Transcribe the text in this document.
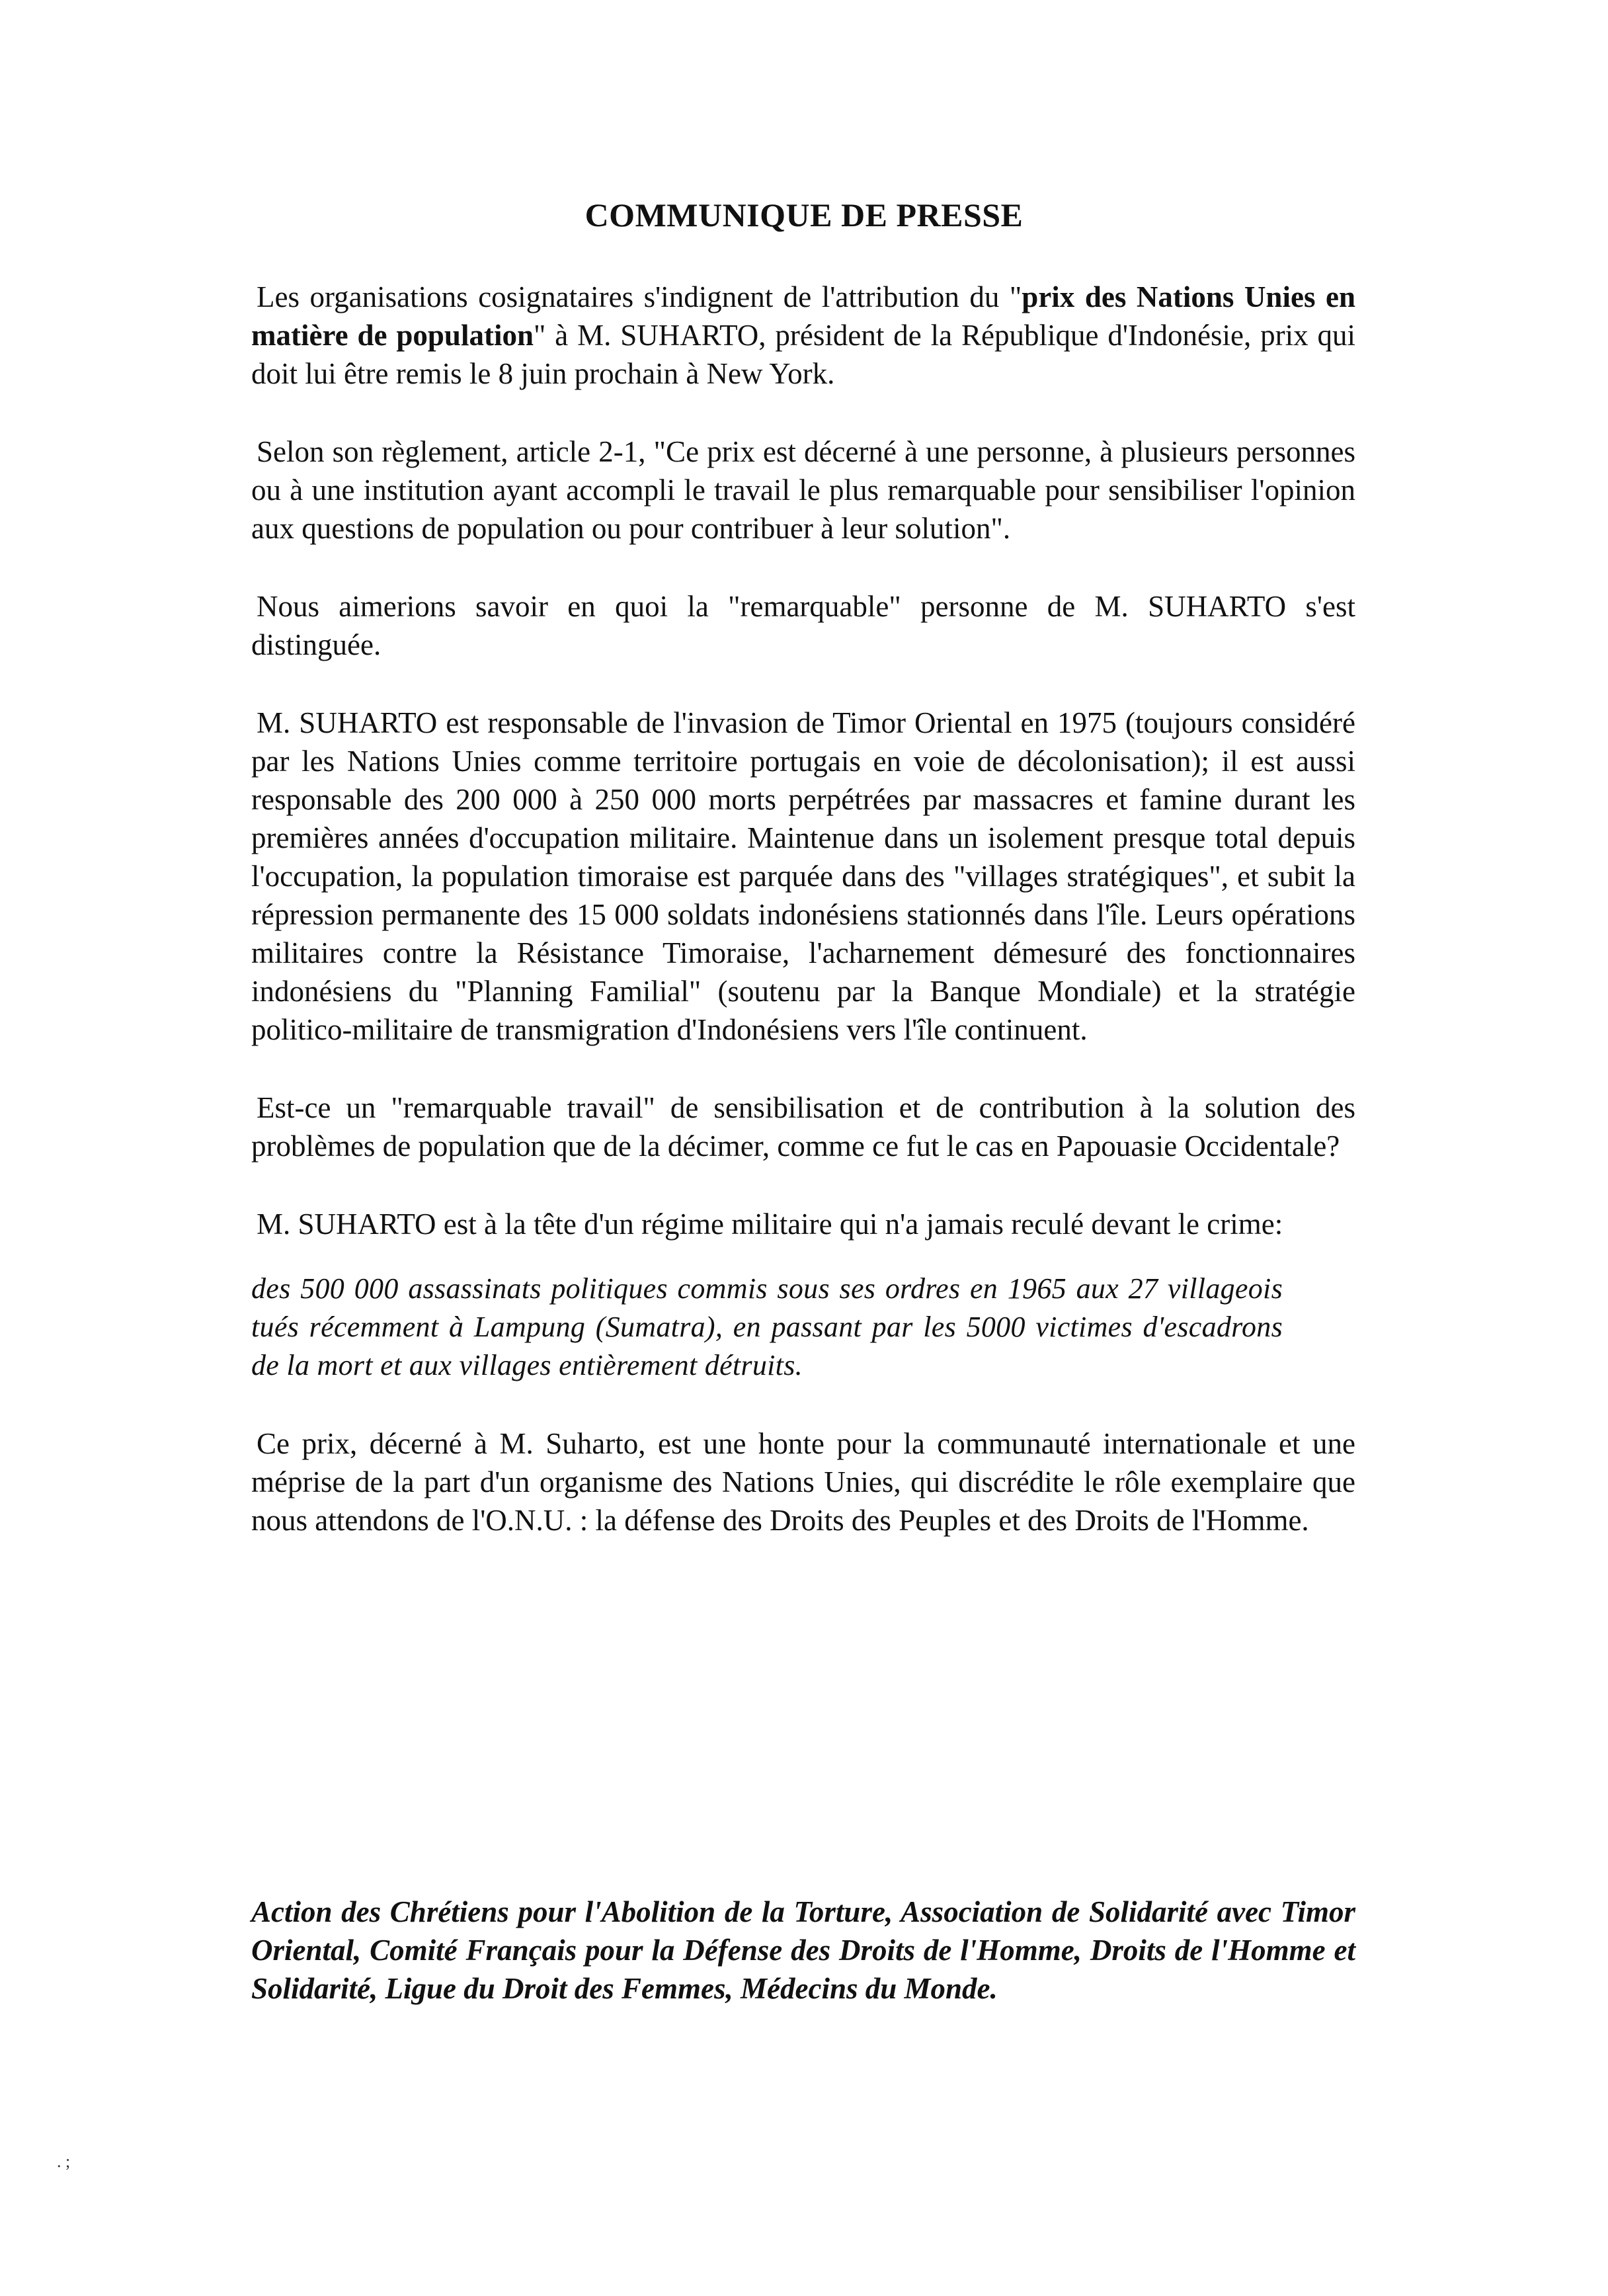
COMMUNIQUE DE PRESSE

Les organisations cosignataires s'indignent de l'attribution du "prix des Nations Unies en matière de population" à M. SUHARTO, président de la République d'Indonésie, prix qui doit lui être remis le 8 juin prochain à New York.

Selon son règlement, article 2-1, "Ce prix est décerné à une personne, à plusieurs personnes ou à une institution ayant accompli le travail le plus remarquable pour sensibiliser l'opinion aux questions de population ou pour contribuer à leur solution".

Nous aimerions savoir en quoi la "remarquable" personne de M. SUHARTO s'est distinguée.

M. SUHARTO est responsable de l'invasion de Timor Oriental en 1975 (toujours considéré par les Nations Unies comme territoire portugais en voie de décolonisation); il est aussi responsable des 200 000 à 250 000 morts perpétrées par massacres et famine durant les premières années d'occupation militaire. Maintenue dans un isolement presque total depuis l'occupation, la population timoraise est parquée dans des "villages stratégiques", et subit la répression permanente des 15 000 soldats indonésiens stationnés dans l'île. Leurs opérations militaires contre la Résistance Timoraise, l'acharnement démesuré des fonctionnaires indonésiens du "Planning Familial" (soutenu par la Banque Mondiale) et la stratégie politico-militaire de transmigration d'Indonésiens vers l'île continuent.

Est-ce un "remarquable travail" de sensibilisation et de contribution à la solution des problèmes de population que de la décimer, comme ce fut le cas en Papouasie Occidentale?

M. SUHARTO est à la tête d'un régime militaire qui n'a jamais reculé devant le crime:

des 500 000 assassinats politiques commis sous ses ordres en 1965 aux 27 villageois tués récemment à Lampung (Sumatra), en passant par les 5000 victimes d'escadrons de la mort et aux villages entièrement détruits.

Ce prix, décerné à M. Suharto, est une honte pour la communauté internationale et une méprise de la part d'un organisme des Nations Unies, qui discrédite le rôle exemplaire que nous attendons de l'O.N.U. : la défense des Droits des Peuples et des Droits de l'Homme.

Action des Chrétiens pour l'Abolition de la Torture, Association de Solidarité avec Timor Oriental, Comité Français pour la Défense des Droits de l'Homme, Droits de l'Homme et Solidarité, Ligue du Droit des Femmes, Médecins du Monde.

. ;
